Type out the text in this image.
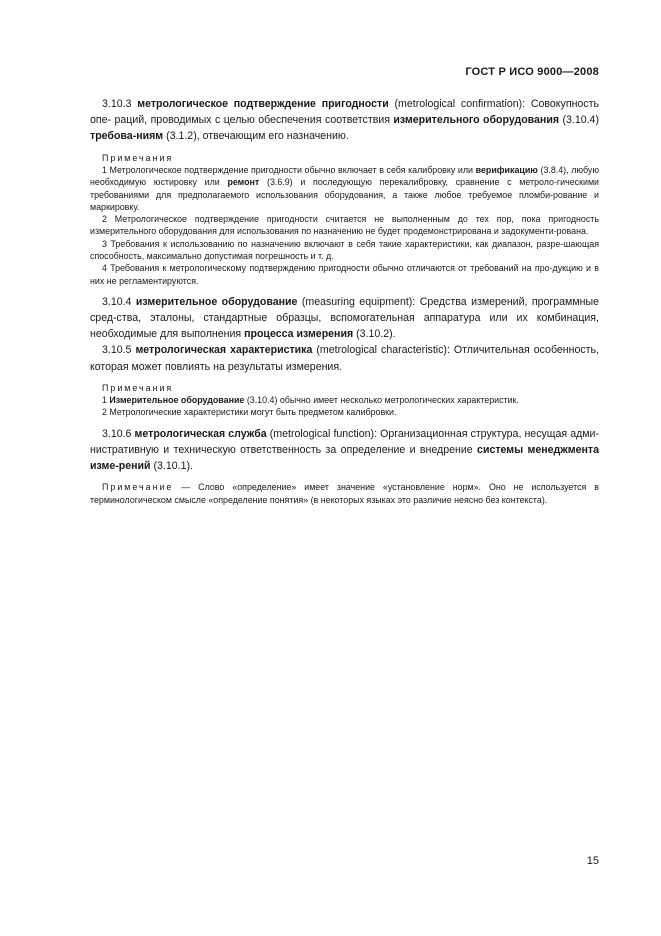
ГОСТ Р ИСО 9000—2008

3.10.3 метрологическое подтверждение пригодности (metrological confirmation): Совокупность опе- раций, проводимых с целью обеспечения соответствия измерительного оборудования (3.10.4) требова-ниям (3.1.2), отвечающим его назначению.

Примечания

1 Метрологическое подтверждение пригодности обычно включает в себя калибровку или верификацию (3.8.4), любую необходимую юстировку или ремонт (3.6.9) и последующую перекалибровку, сравнение с метроло-гическими требованиями для предполагаемого использования оборудования, а также любое требуемое пломби-рование и маркировку.

2 Метрологическое подтверждение пригодности считается не выполненным до тех пор, пока пригодность измерительного оборудования для использования по назначению не будет продемонстрирована и задокументи-рована.

3 Требования к использованию по назначению включают в себя такие характеристики, как диапазон, разре-шающая способность, максимально допустимая погрешность и т. д.

4 Требования к метрологическому подтверждению пригодности обычно отличаются от требований на про-дукцию и в них не регламентируются.

3.10.4 измерительное оборудование (measuring equipment): Средства измерений, программные сред-ства, эталоны, стандартные образцы, вспомогательная аппаратура или их комбинация, необходимые для выполнения процесса измерения (3.10.2).

3.10.5 метрологическая характеристика (metrological characteristic): Отличительная особенность, которая может повлиять на результаты измерения.

Примечания

1 Измерительное оборудование (3.10.4) обычно имеет несколько метрологических характеристик.

2 Метрологические характеристики могут быть предметом калибровки.

3.10.6 метрологическая служба (metrological function): Организационная структура, несущая адми-нистративную и техническую ответственность за определение и внедрение системы менеджмента изме-рений (3.10.1).

Примечание — Слово «определение» имеет значение «установление норм». Оно не используется в терминологическом смысле «определение понятия» (в некоторых языках это различие неясно без контекста).

15
